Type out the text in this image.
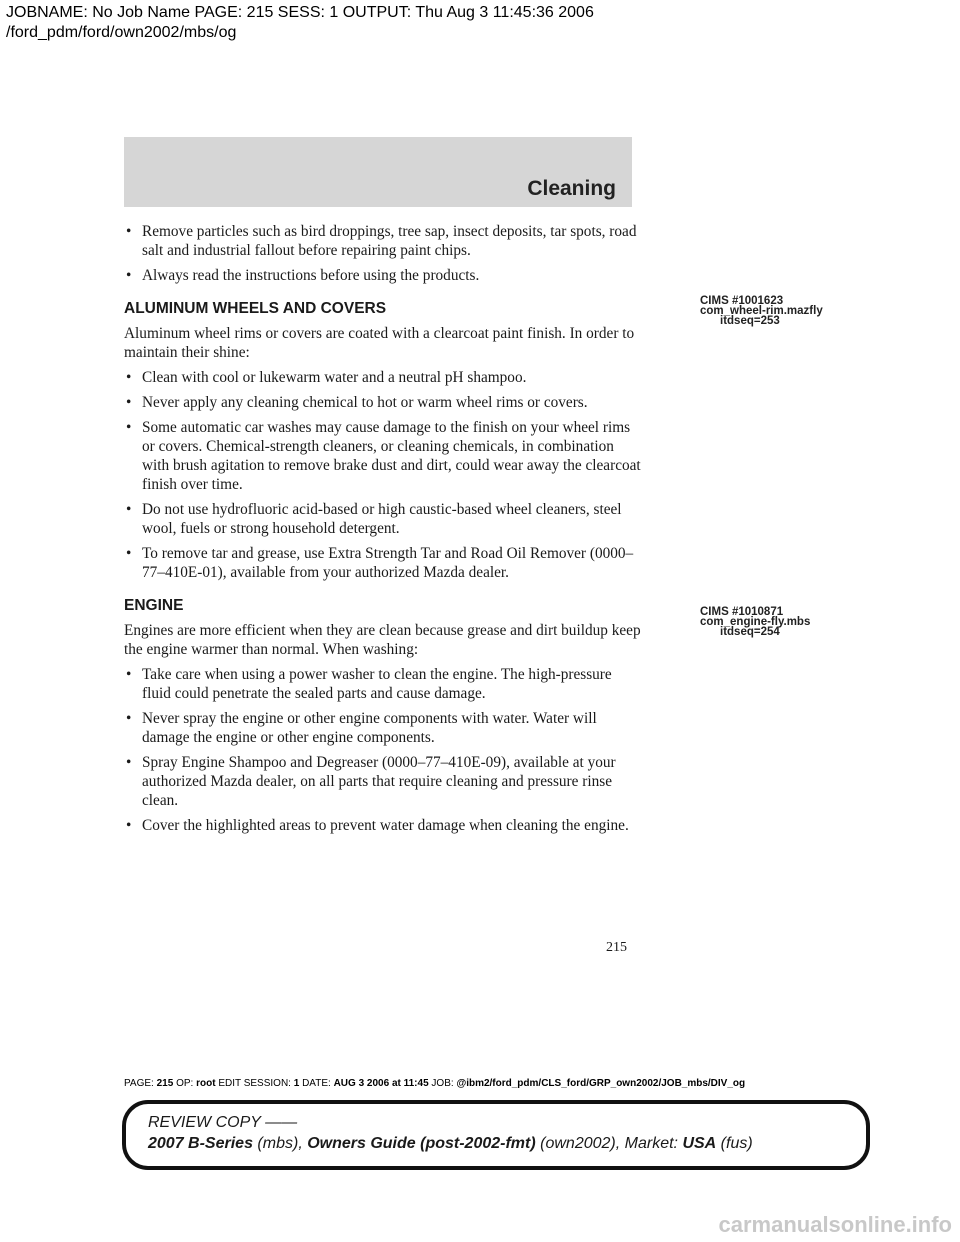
JOBNAME: No Job Name PAGE: 215 SESS: 1 OUTPUT: Thu Aug 3 11:45:36 2006
/ford_pdm/ford/own2002/mbs/og
Cleaning
• Remove particles such as bird droppings, tree sap, insect deposits, tar spots, road salt and industrial fallout before repairing paint chips.
• Always read the instructions before using the products.
ALUMINUM WHEELS AND COVERS
Aluminum wheel rims or covers are coated with a clearcoat paint finish. In order to maintain their shine:
• Clean with cool or lukewarm water and a neutral pH shampoo.
• Never apply any cleaning chemical to hot or warm wheel rims or covers.
• Some automatic car washes may cause damage to the finish on your wheel rims or covers. Chemical-strength cleaners, or cleaning chemicals, in combination with brush agitation to remove brake dust and dirt, could wear away the clearcoat finish over time.
• Do not use hydrofluoric acid-based or high caustic-based wheel cleaners, steel wool, fuels or strong household detergent.
• To remove tar and grease, use Extra Strength Tar and Road Oil Remover (0000–77–410E-01), available from your authorized Mazda dealer.
ENGINE
Engines are more efficient when they are clean because grease and dirt buildup keep the engine warmer than normal. When washing:
• Take care when using a power washer to clean the engine. The high-pressure fluid could penetrate the sealed parts and cause damage.
• Never spray the engine or other engine components with water. Water will damage the engine or other engine components.
• Spray Engine Shampoo and Degreaser (0000–77–410E-09), available at your authorized Mazda dealer, on all parts that require cleaning and pressure rinse clean.
• Cover the highlighted areas to prevent water damage when cleaning the engine.
CIMS #1001623
com_wheel-rim.mazfly
itdseq=253
CIMS #1010871
com_engine-fly.mbs
itdseq=254
215
PAGE: 215 OP: root EDIT SESSION: 1 DATE: AUG 3 2006 at 11:45 JOB: @ibm2/ford_pdm/CLS_ford/GRP_own2002/JOB_mbs/DIV_og
REVIEW COPY ——
2007 B-Series (mbs), Owners Guide (post-2002-fmt) (own2002), Market: USA (fus)
carmanualsonline.info
